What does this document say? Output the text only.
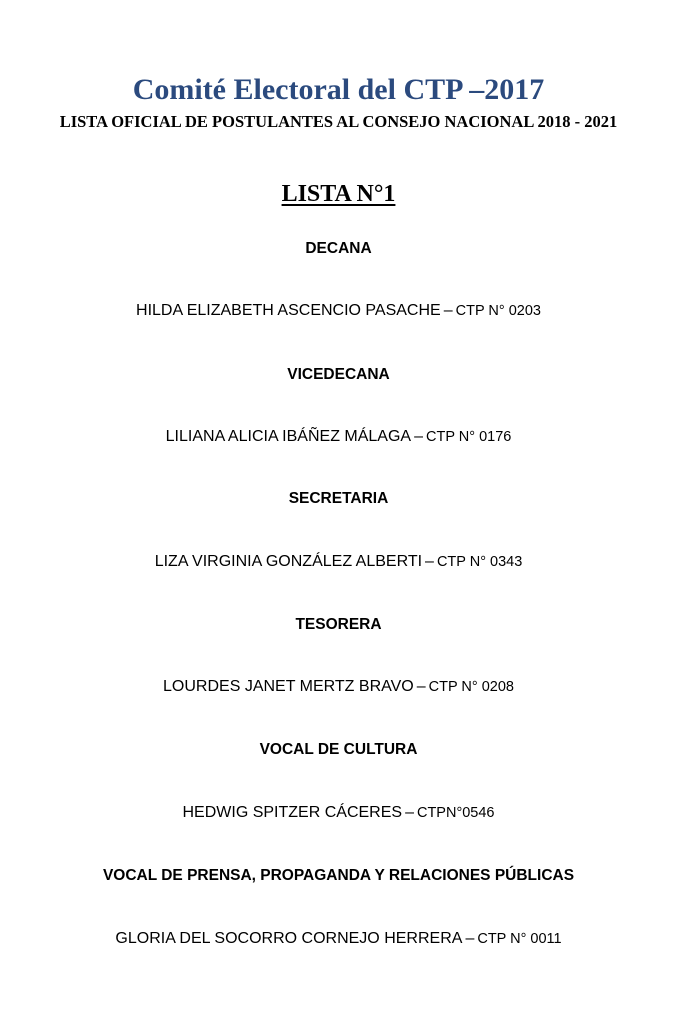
Comité Electoral del CTP –2017
LISTA OFICIAL DE POSTULANTES AL CONSEJO NACIONAL 2018 - 2021
LISTA N°1
DECANA
HILDA ELIZABETH ASCENCIO PASACHE – CTP N° 0203
VICEDECANA
LILIANA ALICIA IBÁÑEZ MÁLAGA – CTP N° 0176
SECRETARIA
LIZA VIRGINIA GONZÁLEZ ALBERTI – CTP N° 0343
TESORERA
LOURDES JANET MERTZ BRAVO – CTP N° 0208
VOCAL DE CULTURA
HEDWIG SPITZER CÁCERES – CTPN°0546
VOCAL DE PRENSA, PROPAGANDA Y RELACIONES PÚBLICAS
GLORIA DEL SOCORRO CORNEJO HERRERA – CTP N° 0011
